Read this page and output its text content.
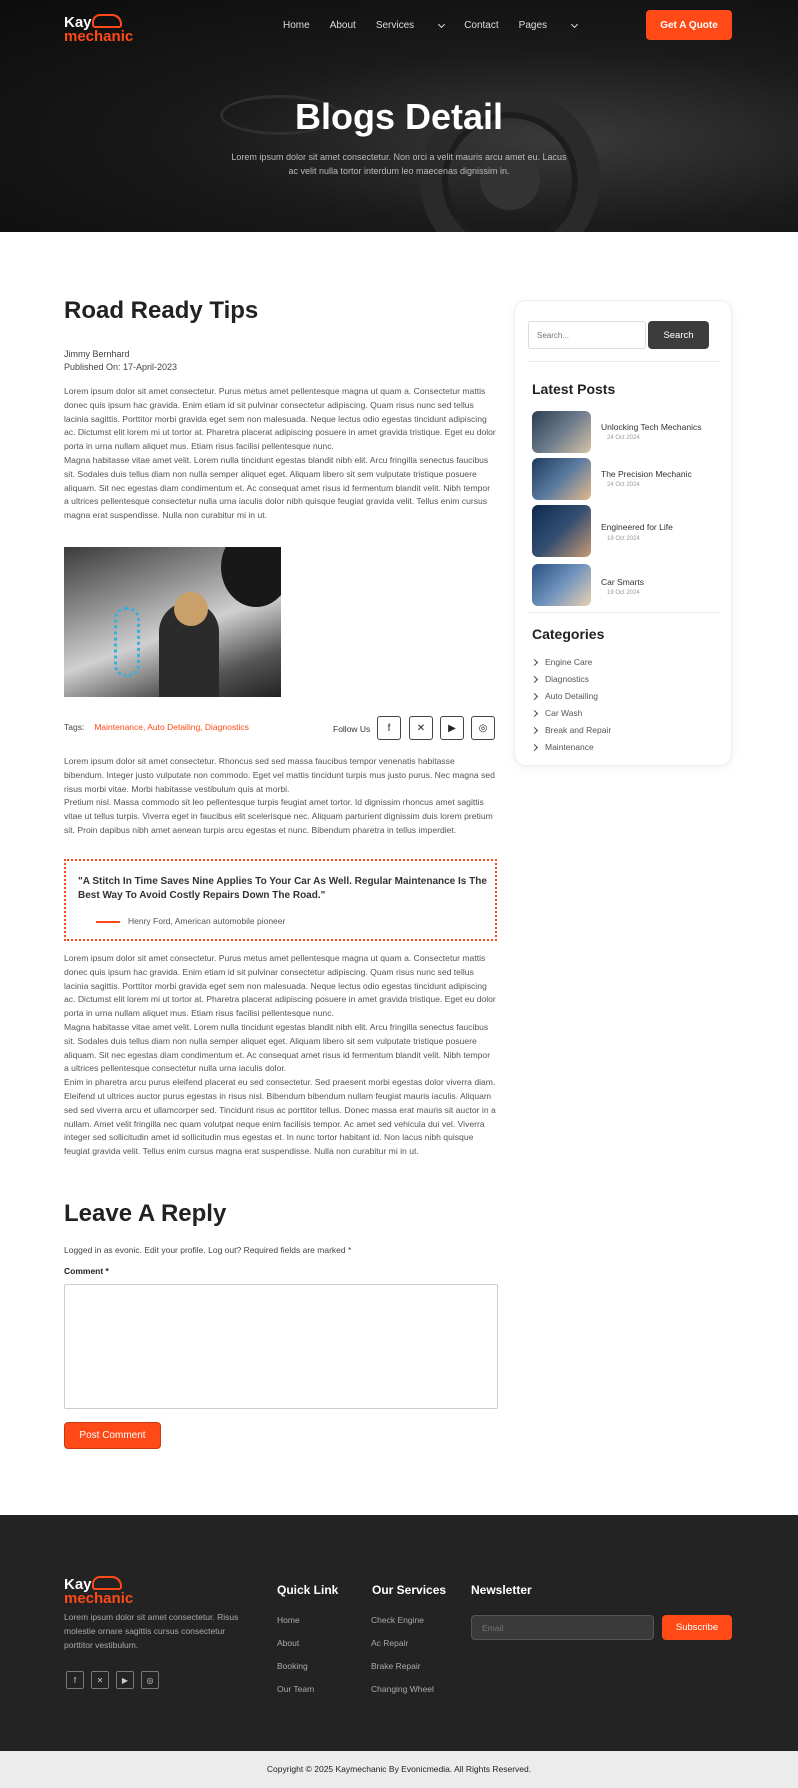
Kay
mechanic
Home About Services	Contact Pages	Get A Quote
Blogs Detail

Lorem ipsum dolor sit amet consectetur. Non orci a velit mauris arcu amet eu. Lacus ac velit nulla tortor interdum leo maecenas dignissim in.

Road Ready Tips
Jimmy Bernhard
Published On: 17-April-2023
Lorem ipsum dolor sit amet consectetur. Purus metus amet pellentesque magna ut quam a. Consectetur mattis donec quis ipsum hac gravida. Enim etiam id sit pulvinar consectetur adipiscing. Quam risus nunc sed tellus lacinia sagittis. Porttitor morbi gravida eget sem non malesuada. Neque lectus odio egestas tincidunt adipiscing ac. Dictumst elit lorem mi ut tortor at. Pharetra placerat adipiscing posuere in amet gravida tristique. Eget eu dolor porta in urna nullam aliquet mus. Etiam risus facilisi pellentesque nunc.
Magna habitasse vitae amet velit. Lorem nulla tincidunt egestas blandit nibh elit. Arcu fringilla senectus faucibus sit. Sodales duis tellus diam non nulla semper aliquet eget. Aliquam libero sit sem vulputate tristique posuere aliquam. Sit nec egestas diam condimentum et. Ac consequat amet risus id fermentum blandit velit. Nibh tempor a ultrices pellentesque consectetur nulla urna iaculis dolor nibh quisque feugiat gravida velit. Tellus enim cursus magna erat suspendisse. Nulla non curabitur mi in ut.
Tags: Maintenance, Auto Detailing, Diagnostics	Follow Us	f	✕	▶	◎
Lorem ipsum dolor sit amet consectetur. Rhoncus sed sed massa faucibus tempor venenatis habitasse bibendum. Integer justo vulputate non commodo. Eget vel mattis tincidunt turpis mus justo purus. Nec magna sed risus morbi vitae. Morbi habitasse vestibulum quis at morbi.
Pretium nisl. Massa commodo sit leo pellentesque turpis feugiat amet tortor. Id dignissim rhoncus amet sagittis vitae ut tellus turpis. Viverra eget in faucibus elit scelerisque nec. Aliquam parturient dignissim duis lorem pretium sit. Proin dapibus nibh amet aenean turpis arcu egestas et nunc. Bibendum pharetra in tellus imperdiet.
"A Stitch In Time Saves Nine Applies To Your Car As Well. Regular Maintenance Is The Best Way To Avoid Costly Repairs Down The Road."
Henry Ford, American automobile pioneer
Lorem ipsum dolor sit amet consectetur. Purus metus amet pellentesque magna ut quam a. Consectetur mattis donec quis ipsum hac gravida. Enim etiam id sit pulvinar consectetur adipiscing. Quam risus nunc sed tellus lacinia sagittis. Porttitor morbi gravida eget sem non malesuada. Neque lectus odio egestas tincidunt adipiscing ac. Dictumst elit lorem mi ut tortor at. Pharetra placerat adipiscing posuere in amet gravida tristique. Eget eu dolor porta in urna nullam aliquet mus. Etiam risus facilisi pellentesque nunc.
Magna habitasse vitae amet velit. Lorem nulla tincidunt egestas blandit nibh elit. Arcu fringilla senectus faucibus sit. Sodales duis tellus diam non nulla semper aliquet eget. Aliquam libero sit sem vulputate tristique posuere aliquam. Sit nec egestas diam condimentum et. Ac consequat amet risus id fermentum blandit velit. Nibh tempor a ultrices pellentesque consectetur nulla urna iaculis dolor.
Enim in pharetra arcu purus eleifend placerat eu sed consectetur. Sed praesent morbi egestas dolor viverra diam. Eleifend ut ultrices auctor purus egestas in risus nisl. Bibendum bibendum nullam feugiat mauris iaculis. Aliquam sed sed viverra arcu et ullamcorper sed. Tincidunt risus ac porttitor tellus. Donec massa erat mauris sit auctor in a nullam. Amet velit fringilla nec quam volutpat neque enim facilisis tempor. Ac amet sed vehicula dui vel. Viverra integer sed sollicitudin amet id sollicitudin mus egestas et. In nunc tortor habitant id. Non lacus nibh quisque feugiat gravida velit. Tellus enim cursus magna erat suspendisse. Nulla non curabitur mi in ut.
Leave A Reply
Logged in as evonic. Edit your profile. Log out? Required fields are marked *
Comment *
Post Comment
Search...
Search
Latest Posts
Unlocking Tech Mechanics
24 Oct 2024
The Precision Mechanic
24 Oct 2024
Engineered for Life
19 Oct 2024
Car Smarts
19 Oct 2024
Categories
Engine Care
Diagnostics
Auto Detailing
Car Wash
Break and Repair
Maintenance
Kay
mechanic
Lorem ipsum dolor sit amet consectetur. Risus molestie ornare sagittis cursus consectetur porttitor vestibulum.
f	✕	▶	◎
Quick Link
Home
About
Booking
Our Team
Our Services
Check Engine
Ac Repair
Brake Repair
Changing Wheel
Newsletter
Email
Subscribe
Copyright © 2025 Kaymechanic By Evonicmedia. All Rights Reserved.
